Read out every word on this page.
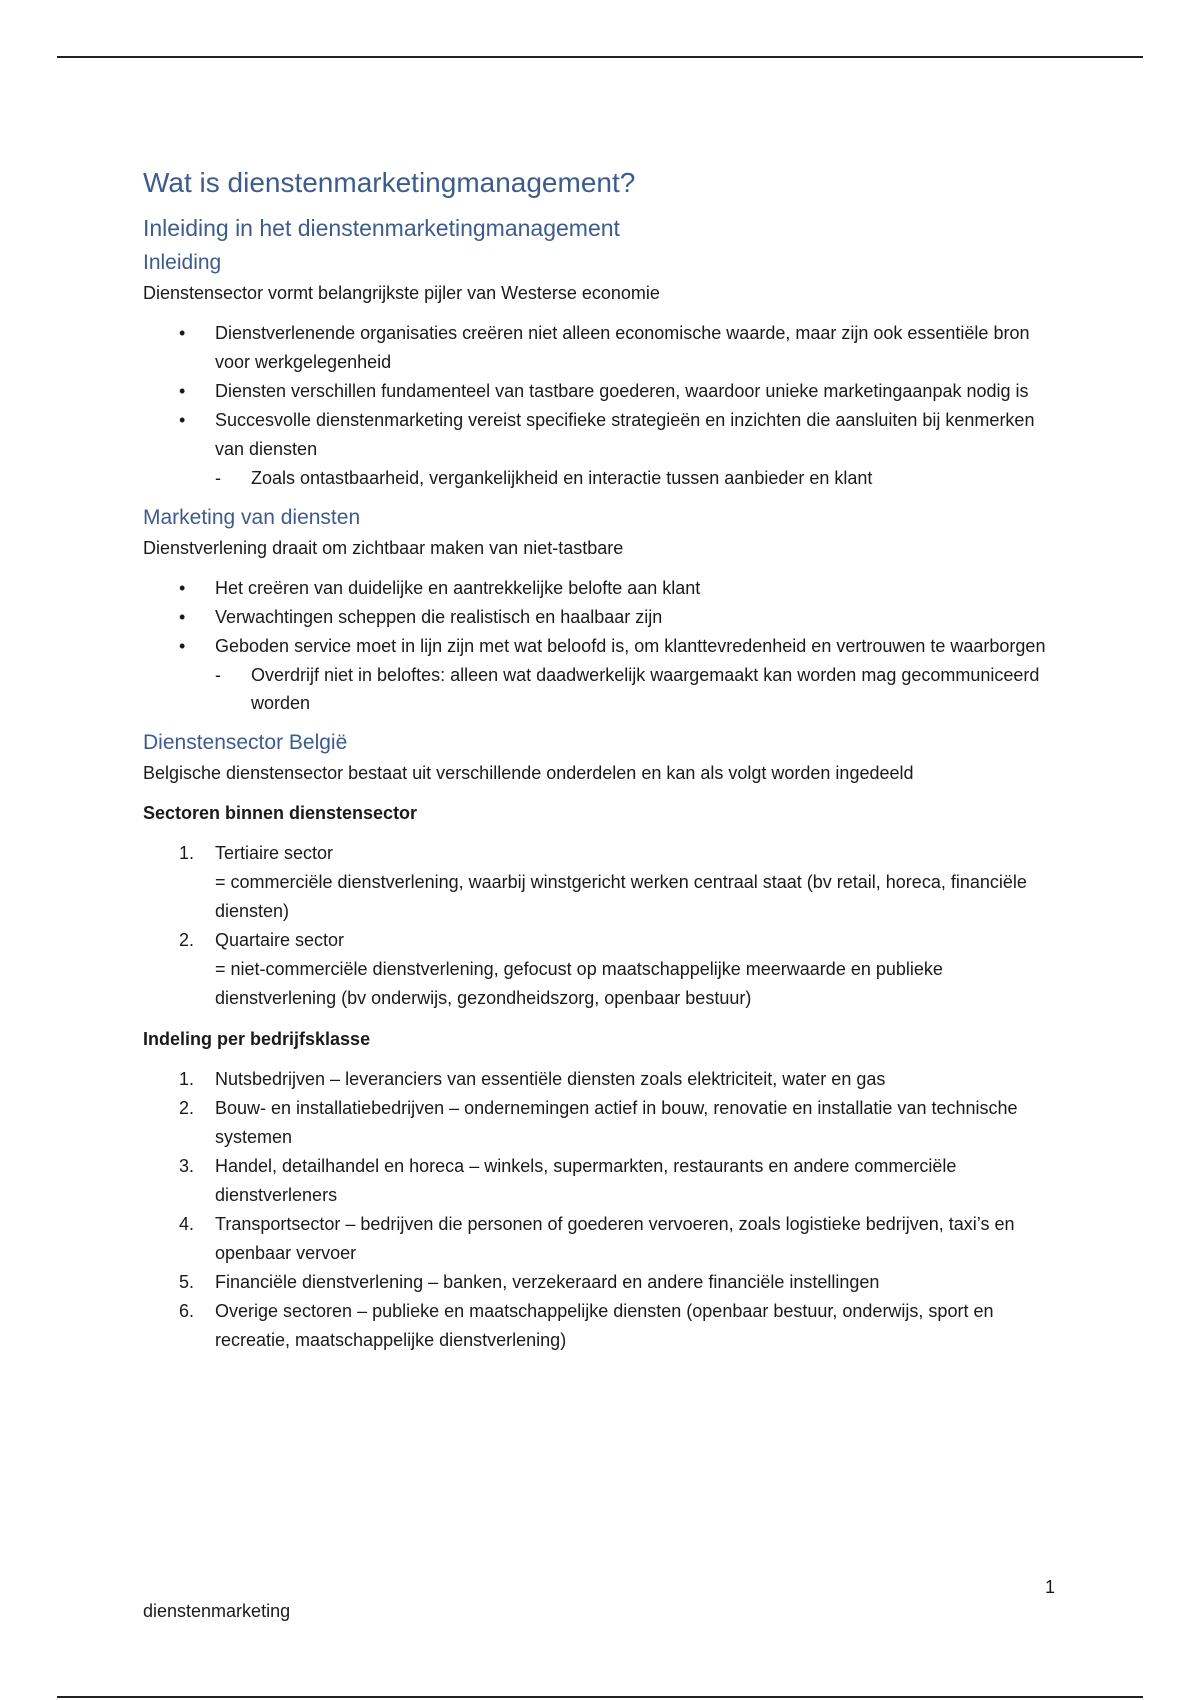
Wat is dienstenmarketingmanagement?
Inleiding in het dienstenmarketingmanagement
Inleiding
Dienstensector vormt belangrijkste pijler van Westerse economie
• Dienstverlenende organisaties creëren niet alleen economische waarde, maar zijn ook essentiële bron voor werkgelegenheid
• Diensten verschillen fundamenteel van tastbare goederen, waardoor unieke marketingaanpak nodig is
• Succesvolle dienstenmarketing vereist specifieke strategieën en inzichten die aansluiten bij kenmerken van diensten
- Zoals ontastbaarheid, vergankelijkheid en interactie tussen aanbieder en klant
Marketing van diensten
Dienstverlening draait om zichtbaar maken van niet-tastbare
• Het creëren van duidelijke en aantrekkelijke belofte aan klant
• Verwachtingen scheppen die realistisch en haalbaar zijn
• Geboden service moet in lijn zijn met wat beloofd is, om klanttevredenheid en vertrouwen te waarborgen
- Overdrijf niet in beloftes: alleen wat daadwerkelijk waargemaakt kan worden mag gecommuniceerd worden
Dienstensector België
Belgische dienstensector bestaat uit verschillende onderdelen en kan als volgt worden ingedeeld
Sectoren binnen dienstensector
1. Tertiaire sector
= commerciële dienstverlening, waarbij winstgericht werken centraal staat (bv retail, horeca, financiële diensten)
2. Quartaire sector
= niet-commerciële dienstverlening, gefocust op maatschappelijke meerwaarde en publieke dienstverlening (bv onderwijs, gezondheidszorg, openbaar bestuur)
Indeling per bedrijfsklasse
1. Nutsbedrijven – leveranciers van essentiële diensten zoals elektriciteit, water en gas
2. Bouw- en installatiebedrijven – ondernemingen actief in bouw, renovatie en installatie van technische systemen
3. Handel, detailhandel en horeca – winkels, supermarkten, restaurants en andere commerciële dienstverleners
4. Transportsector – bedrijven die personen of goederen vervoeren, zoals logistieke bedrijven, taxi’s en openbaar vervoer
5. Financiële dienstverlening – banken, verzekeraard en andere financiële instellingen
6. Overige sectoren – publieke en maatschappelijke diensten (openbaar bestuur, onderwijs, sport en recreatie, maatschappelijke dienstverlening)
1
dienstenmarketing
